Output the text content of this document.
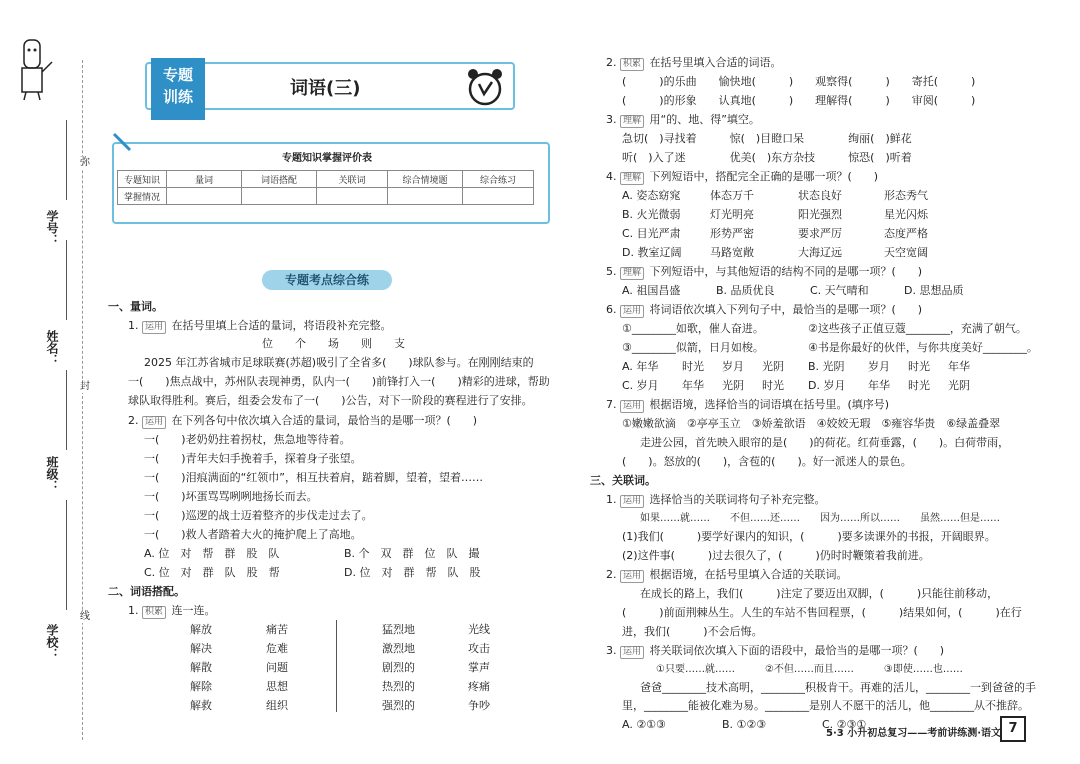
弥
封
线
学号：
姓名：
班级：
学校：
专题
训练	词语(三)
专题知识掌握评价表
专题知识	量词	词语搭配	关联词	综合情境题	综合练习
掌握情况					
专题考点综合练
一、量词。
1. 运用 在括号里填上合适的量词，将语段补充完整。
位　　个　　场　　则　　支
2025 年江苏省城市足球联赛(苏超)吸引了全省多(　　)球队参与。在刚刚结束的
一(　　)焦点战中，苏州队表现神勇，队内一(　　)前锋打入一(　　)精彩的进球，帮助
球队取得胜利。赛后，组委会发布了一(　　)公告，对下一阶段的赛程进行了安排。
2. 运用 在下列各句中依次填入合适的量词，最恰当的是哪一项？(　　)
一(　　)老奶奶拄着拐杖，焦急地等待着。
一(　　)青年夫妇手挽着手，探着身子张望。
一(　　)泪痕满面的“红领巾”，相互扶着肩，踮着脚，望着，望着……
一(　　)坏蛋骂骂咧咧地扬长而去。
一(　　)巡逻的战士迈着整齐的步伐走过去了。
一(　　)救人者踏着大火的掩护爬上了高地。
A. 位　对　帮　群　股　队	B. 个　双　群　位　队　撮
C. 位　对　群　队　股　帮	D. 位　对　群　帮　队　股
二、词语搭配。
1. 积累 连一连。
解放
解决
解散
解除
解救
痛苦
危难
问题
思想
组织
猛烈地
激烈地
剧烈的
热烈的
强烈的
光线
攻击
掌声
疼痛
争吵
2. 积累 在括号里填入合适的词语。
(　　　)的乐曲　　愉快地(　　　)　　观察得(　　　)　　寄托(　　　)
(　　　)的形象　　认真地(　　　)　　理解得(　　　)　　审阅(　　　)
3. 理解 用“的、地、得”填空。
急切(　)寻找着　　　惊(　)目瞪口呆　　　　绚丽(　)鲜花
听(　)入了迷　　　　优美(　)东方杂技　　　惊恐(　)听着
4. 理解 下列短语中，搭配完全正确的是哪一项？(　　)
A. 姿态窈窕	体态万千	状态良好	形态秀气
B. 火光微弱	灯光明亮	阳光强烈	星光闪烁
C. 目光严肃	形势严密	要求严厉	态度严格
D. 教室辽阔	马路宽敞	大海辽远	天空宽阔
5. 理解 下列短语中，与其他短语的结构不同的是哪一项？(　　)
A. 祖国昌盛	B. 品质优良	C. 天气晴和	D. 思想品质
6. 运用 将词语依次填入下列句子中，最恰当的是哪一项？(　　)
①________如歌，催人奋进。	②这些孩子正值豆蔻________，充满了朝气。
③________似箭，日月如梭。	④书是你最好的伙伴，与你共度美好________。
A. 年华 时光 岁月 光阴 B. 光阴 岁月 时光 年华
C. 岁月 年华 光阴 时光 D. 岁月 年华 时光 光阴
7. 运用 根据语境，选择恰当的词语填在括号里。(填序号)
①嫩嫩欲滴　②亭亭玉立　③娇羞欲语　④姣姣无瑕　⑤雍容华贵　⑥绿盖叠翠
走进公园，首先映入眼帘的是(　　)的荷花。红荷垂露，(　　)。白荷带雨，
(　　)。怒放的(　　)，含苞的(　　)。好一派迷人的景色。
三、关联词。
1. 运用 选择恰当的关联词将句子补充完整。
如果……就……　　不但……还……　　因为……所以……　　虽然……但是……
(1)我们(　　　)要学好课内的知识，(　　　)要多读课外的书报，开阔眼界。
(2)这件事(　　　)过去很久了，(　　　)仍时时鞭策着我前进。
2. 运用 根据语境，在括号里填入合适的关联词。
在成长的路上，我们(　　　)注定了要迈出双脚，(　　　)只能往前移动，
(　　　)前面荆棘丛生。人生的车站不售回程票，(　　　)结果如何，(　　　)在行
进，我们(　　　)不会后悔。
3. 运用 将关联词依次填入下面的语段中，最恰当的是哪一项？(　　)
①只要……就……　　　②不但……而且……　　　③即使……也……
爸爸________技术高明，________积极肯干。再难的活儿，________一到爸爸的手
里，________能被化难为易。________是别人不愿干的活儿，他________从不推辞。
A. ②①③	B. ①②③	C. ②③①
5·3 小升初总复习——考前讲练测·语文 7
